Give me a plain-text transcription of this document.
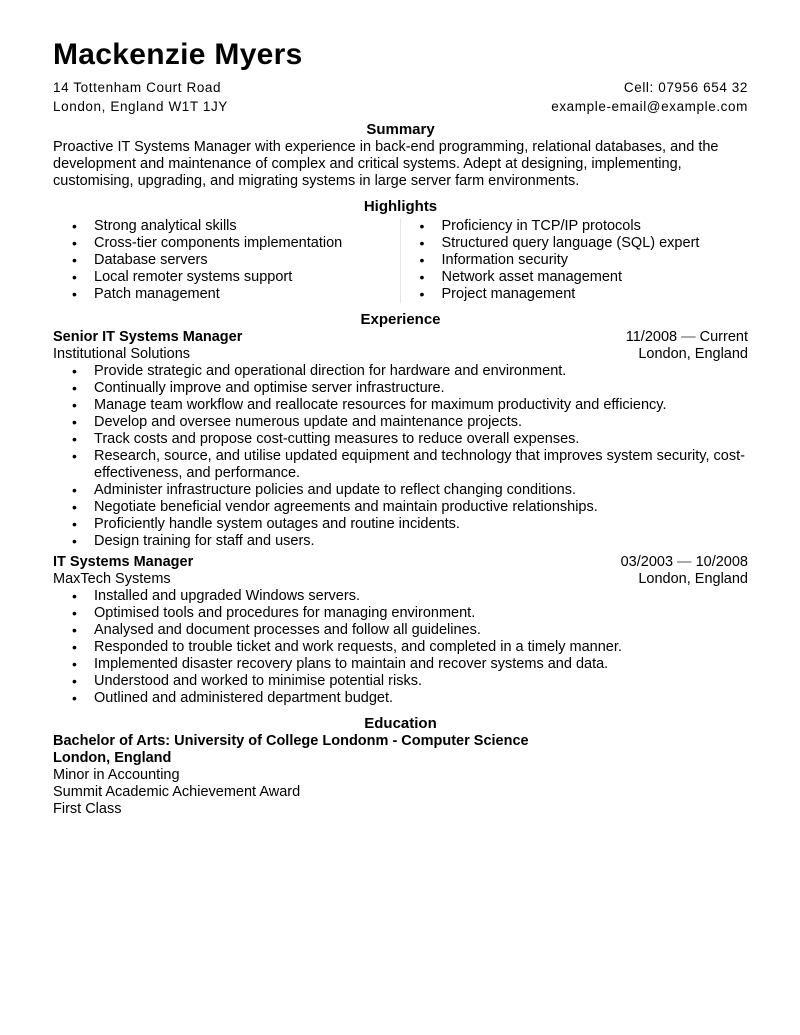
Mackenzie Myers
14 Tottenham Court Road	Cell: 07956 654 32
London, England W1T 1JY	example-email@example.com
Summary
Proactive IT Systems Manager with experience in back-end programming, relational databases, and the development and maintenance of complex and critical systems. Adept at designing, implementing, customising, upgrading, and migrating systems in large server farm environments.
Highlights
• Strong analytical skills
• Cross-tier components implementation
• Database servers
• Local remoter systems support
• Patch management
• Proficiency in TCP/IP protocols
• Structured query language (SQL) expert
• Information security
• Network asset management
• Project management
Experience
Senior IT Systems Manager	11/2008 — Current
Institutional Solutions	London, England
• Provide strategic and operational direction for hardware and environment.
• Continually improve and optimise server infrastructure.
• Manage team workflow and reallocate resources for maximum productivity and efficiency.
• Develop and oversee numerous update and maintenance projects.
• Track costs and propose cost-cutting measures to reduce overall expenses.
• Research, source, and utilise updated equipment and technology that improves system security, cost-effectiveness, and performance.
• Administer infrastructure policies and update to reflect changing conditions.
• Negotiate beneficial vendor agreements and maintain productive relationships.
• Proficiently handle system outages and routine incidents.
• Design training for staff and users.
IT Systems Manager	03/2003 — 10/2008
MaxTech Systems	London, England
• Installed and upgraded Windows servers.
• Optimised tools and procedures for managing environment.
• Analysed and document processes and follow all guidelines.
• Responded to trouble ticket and work requests, and completed in a timely manner.
• Implemented disaster recovery plans to maintain and recover systems and data.
• Understood and worked to minimise potential risks.
• Outlined and administered department budget.
Education
Bachelor of Arts: University of College Londonm - Computer Science
London, England
Minor in Accounting
Summit Academic Achievement Award
First Class
